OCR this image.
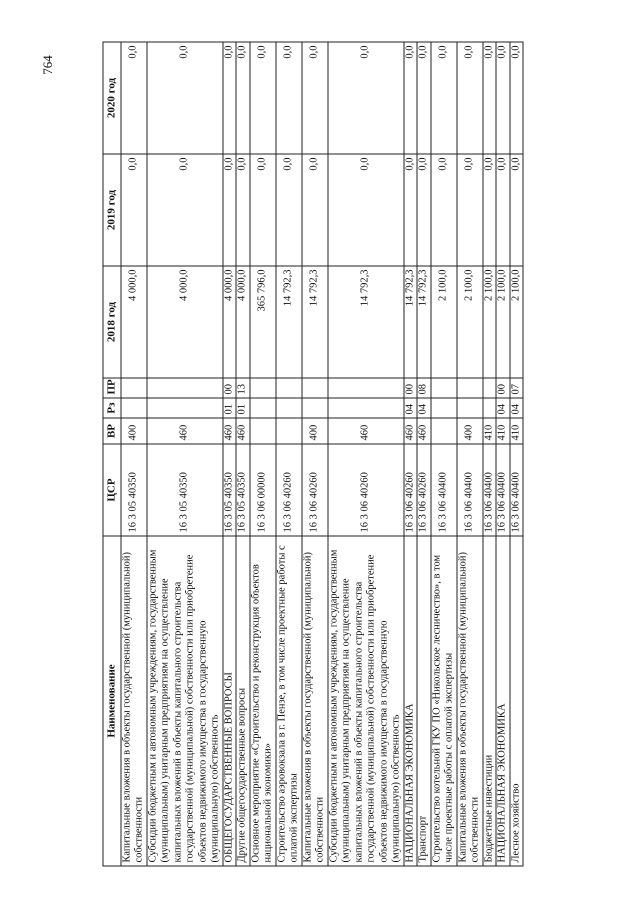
764
Наименование	ЦСР	ВР	Рз	ПР	2018 год	2019 год	2020 год
Капитальные вложения в объекты государственной (муниципальной) собственности	16 3 05 40350	400			4 000,0	0,0	0,0
Субсидии бюджетным и автономным учреждениям, государственным (муниципальным) унитарным предприятиям на осуществление капитальных вложений в объекты капитального строительства государственной (муниципальной) собственности или приобретение объектов недвижимого имущества в государственную (муниципальную) собственность	16 3 05 40350	460			4 000,0	0,0	0,0
ОБЩЕГОСУДАРСТВЕННЫЕ ВОПРОСЫ	16 3 05 40350	460	01	00	4 000,0	0,0	0,0
Другие общегосударственные вопросы	16 3 05 40350	460	01	13	4 000,0	0,0	0,0
Основное мероприятие «Строительство и реконструкция объектов национальной экономики»	16 3 06 00000				365 796,0	0,0	0,0
Строительство аэровокзала в г. Пензе, в том числе проектные работы с оплатой экспертизы	16 3 06 40260				14 792,3	0,0	0,0
Капитальные вложения в объекты государственной (муниципальной) собственности	16 3 06 40260	400			14 792,3	0,0	0,0
Субсидии бюджетным и автономным учреждениям, государственным (муниципальным) унитарным предприятиям на осуществление капитальных вложений в объекты капитального строительства государственной (муниципальной) собственности или приобретение объектов недвижимого имущества в государственную (муниципальную) собственность	16 3 06 40260	460			14 792,3	0,0	0,0
НАЦИОНАЛЬНАЯ ЭКОНОМИКА	16 3 06 40260	460	04	00	14 792,3	0,0	0,0
Транспорт	16 3 06 40260	460	04	08	14 792,3	0,0	0,0
Строительство котельной ГКУ ПО «Никольское лесничество», в том числе проектные работы с оплатой экспертизы	16 3 06 40400				2 100,0	0,0	0,0
Капитальные вложения в объекты государственной (муниципальной) собственности	16 3 06 40400	400			2 100,0	0,0	0,0
Бюджетные инвестиции	16 3 06 40400	410			2 100,0	0,0	0,0
НАЦИОНАЛЬНАЯ ЭКОНОМИКА	16 3 06 40400	410	04	00	2 100,0	0,0	0,0
Лесное хозяйство	16 3 06 40400	410	04	07	2 100,0	0,0	0,0
